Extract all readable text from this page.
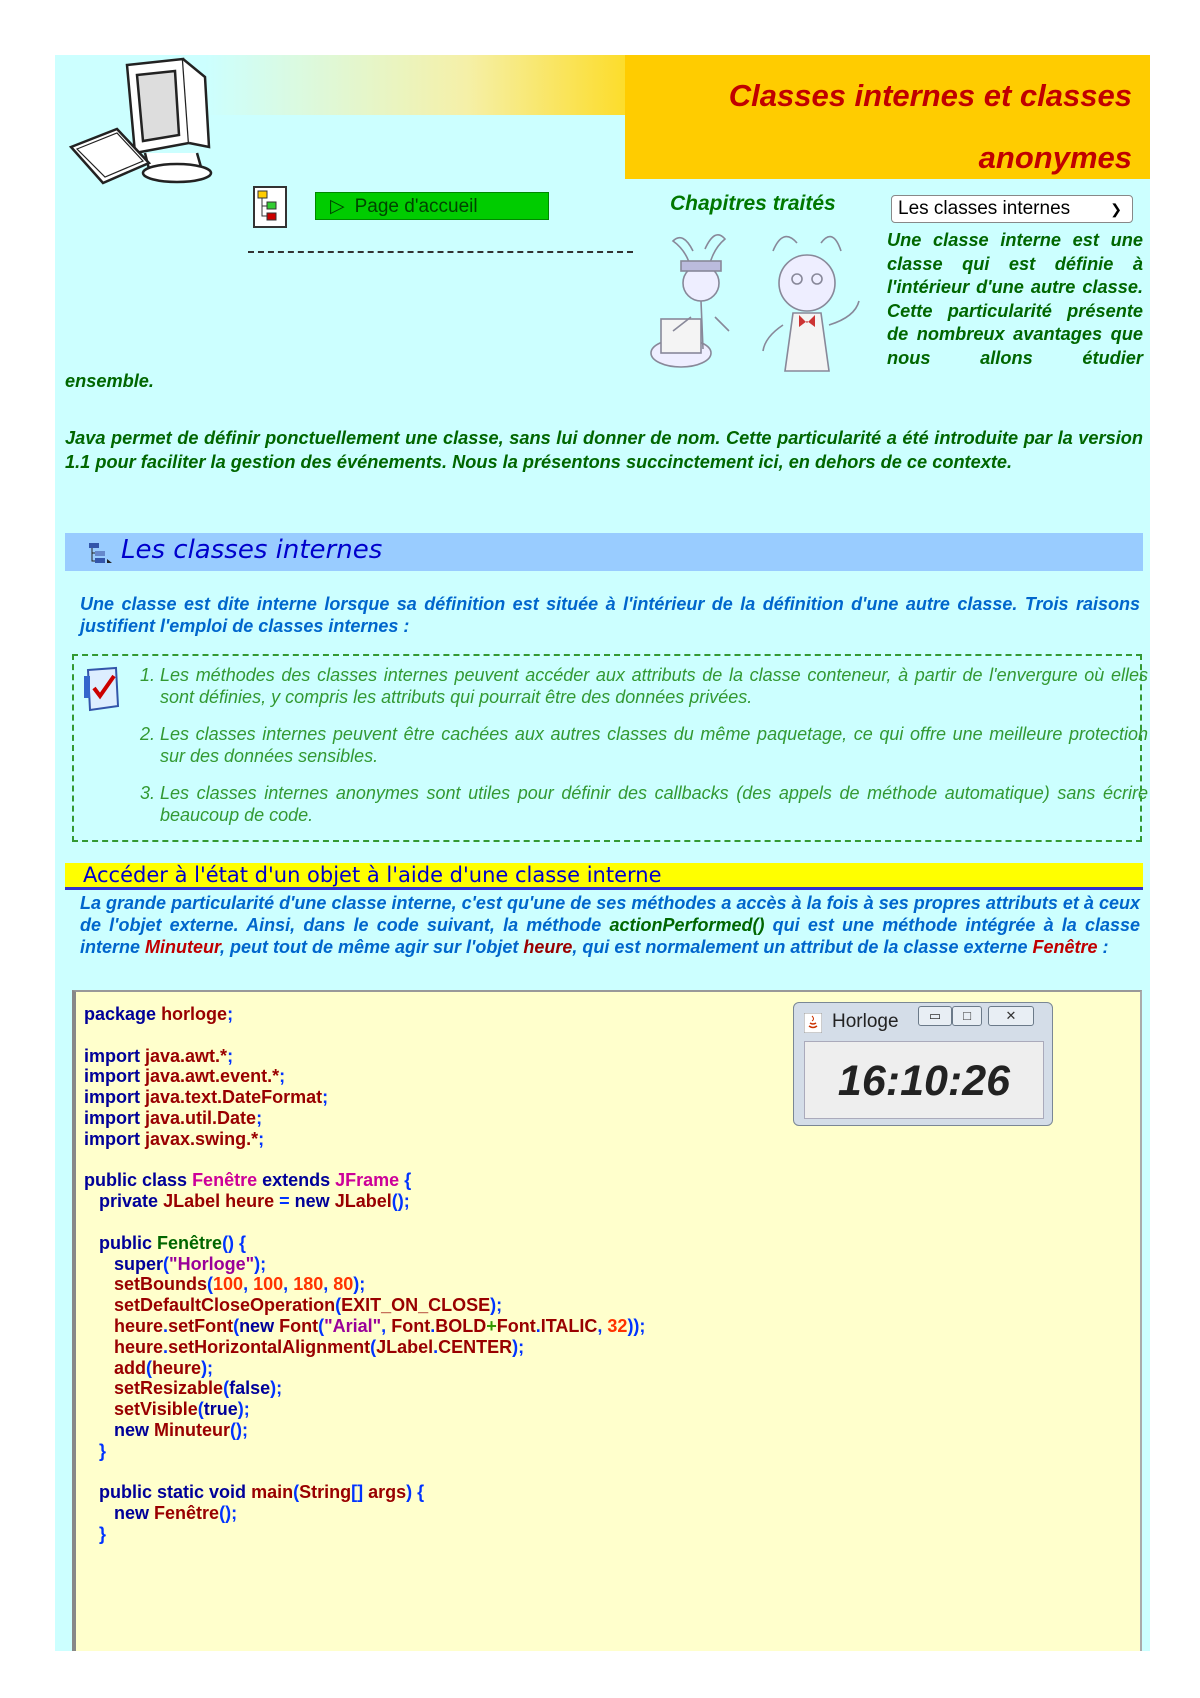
Classes internes et classes anonymes
▷ Page d'accueil	Chapitres traités	Les classes internes	❯

Une classe interne est une classe qui est définie à l'intérieur d'une autre classe. Cette particularité présente de nombreux avantages que nous allons étudier ensemble.

Java permet de définir ponctuellement une classe, sans lui donner de nom. Cette particularité a été introduite par la version 1.1 pour faciliter la gestion des événements. Nous la présentons succinctement ici, en dehors de ce contexte.

Les classes internes

Une classe est dite interne lorsque sa définition est située à l'intérieur de la définition d'une autre classe. Trois raisons justifient l'emploi de classes internes :

1. Les méthodes des classes internes peuvent accéder aux attributs de la classe conteneur, à partir de l'envergure où elles sont définies, y compris les attributs qui pourrait être des données privées.
2. Les classes internes peuvent être cachées aux autres classes du même paquetage, ce qui offre une meilleure protection sur des données sensibles.
3. Les classes internes anonymes sont utiles pour définir des callbacks (des appels de méthode automatique) sans écrire beaucoup de code.
Accéder à l'état d'un objet à l'aide d'une classe interne

La grande particularité d'une classe interne, c'est qu'une de ses méthodes a accès à la fois à ses propres attributs et à ceux de l'objet externe. Ainsi, dans le code suivant, la méthode actionPerformed() qui est une méthode intégrée à la classe interne Minuteur, peut tout de même agir sur l'objet heure, qui est normalement un attribut de la classe externe Fenêtre :

package horloge;

import java.awt.*;
import java.awt.event.*;
import java.text.DateFormat;
import java.util.Date;
import javax.swing.*;

public class Fenêtre extends JFrame {
private JLabel heure = new JLabel();

public Fenêtre() {
super("Horloge");
setBounds(100, 100, 180, 80);
setDefaultCloseOperation(EXIT_ON_CLOSE);
heure.setFont(new Font("Arial", Font.BOLD+Font.ITALIC, 32));
heure.setHorizontalAlignment(JLabel.CENTER);
add(heure);
setResizable(false);
setVisible(true);
new Minuteur();
}

public static void main(String[] args) {
new Fenêtre();
}
Horloge	▭	□	✕
16:10:26
